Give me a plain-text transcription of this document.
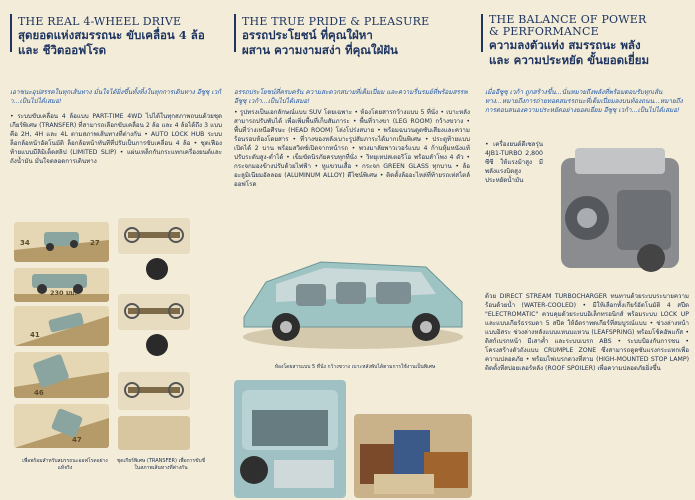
THE REAL 4-WHEEL DRIVE
สุดยอดแห่งสมรรถนะ ขับเคลื่อน 4 ล้อ
และ ชีวิตออฟโรด
เอาชนะอุปสรรคในทุกเส้นทาง มั่นใจได้ยิ่งขึ้นทั้งทิ้งในทุกการเดินทาง อีซูซุ เวก้า...เป็นไปได้เสมอ!
• ระบบขับเคลื่อน 4 ล้อแบบ PART-TIME 4WD ไปได้ในทุกสภาพถนนด้วยชุดเกียร์พิเศษ (TRANSFER) ที่สามารถเลือกขับเคลื่อน 2 ล้อ และ 4 ล้อได้ถึง 3 แบบ คือ 2H, 4H และ 4L ตามสภาพเส้นทางที่ต่างกัน • AUTO LOCK HUB ระบบล็อกล้อหน้าอัตโนมัติ ล็อกล้อหน้าทันทีที่ปรับเป็นการขับเคลื่อน 4 ล้อ • ชุดเฟืองท้ายแบบมีลิมิเต็ดสลิป (LIMITED SLIP) • แผ่นเหล็กกันกระแทกเครื่องยนต์และถังน้ำมัน มั่นใจตลอดการเดินทาง
34	27
230 มม.
41
46
47
เพื่อพร้อมสำหรับสมรรถนะออฟโรดอย่างแท้จริง
ชุดเกียร์พิเศษ (TRANSFER) เพื่อการขับขี่ในสภาพเส้นทางที่ต่างกัน
THE TRUE PRIDE & PLEASURE
อรรถประโยชน์ ที่คุณใฝ่หา
ผสาน ความงามสง่า ที่คุณใฝ่ฝัน
อรรถประโยชน์ที่ครบครัน ความสะดวกสบายที่เต็มเปี่ยม และความรื่นรมย์ที่พร้อมสรรพ อีซูซุ เวก้า...เป็นไปได้เสมอ!
• รูปทรงเป็นเอกลักษณ์แบบ SUV โดยเฉพาะ • ห้องโดยสารกว้างแบบ 5 ที่นั่ง • เบาะหลังสามารถปรับพับได้ เพื่อเพิ่มพื้นที่เก็บสัมภาระ • พื้นที่วางขา (LEG ROOM) กว้างขวาง • พื้นที่ว่างเหนือศีรษะ (HEAD ROOM) โล่งโปร่งสบาย • พร้อมฉนวนดูดซับเสียงและความร้อนรอบห้องโดยสาร • ที่วางของหลังเบาะรูปสัมภาระได้มากเป็นพิเศษ • ประตูท้ายแบบเปิดได้ 2 บาน พร้อมสวิตซ์เปิดจากหน้ารถ • พวงมาลัยพาวเวอร์แบบ 4 ก้านหุ้มหนังแท้ ปรับระดับสูง-ต่ำได้ • เข็มขัดนิรภัยครบทุกที่นั่ง • วิทยุเทปสเตอริโอ พร้อมลำโพง 4 ตัว • กระจกมองข้างปรับด้วยไฟฟ้า • หูแขวนเสื้อ • กระจก GREEN GLASS ทุกบาน • ล้ออะลูมิเนียมอัลลอย (ALUMINUM ALLOY) ดีไซน์พิเศษ • ติดตั้งล้ออะไหล่ที่ท้ายรถเท่สไตล์ออฟโรด
ห้องโดยสารแบบ 5 ที่นั่ง กว้างขวาง เบาะหลังพับได้ตามการใช้งานเป็นพิเศษ
THE BALANCE OF POWER
& PERFORMANCE
ความลงตัวแห่ง สมรรถนะ พลัง
และ ความประหยัด ขั้นยอดเยี่ยม
เมื่ออีซูซุ เวก้า ถูกสร้างขึ้น...นั่นหมายถึงพลังที่พร้อมตอบรับทุกเส้นทาง...หมายถึงการถ่ายทอดสมรรถนะที่เต็มเปี่ยมลงบนท้องถนน...หมายถึงการตอบสนองความประหยัดอย่างยอดเยี่ยม อีซูซุ เวก้า...เป็นไปได้เสมอ!
• เครื่องยนต์ดีเซลรุ่น 4JB1-TURBO 2,800 ซีซี ให้แรงม้าสูง มีพลังแรงบิดสูง ประหยัดน้ำมัน
ด้วย DIRECT STREAM TURBOCHARGER ทนทานด้วยระบบระบายความร้อนด้วยน้ำ (WATER-COOLED) • มีให้เลือกทั้งเกียร์อัตโนมัติ 4 สปีด "ELECTROMATIC" ควบคุมด้วยระบบอิเล็กทรอนิกส์ พร้อมระบบ LOCK UP และแบบเกียร์ธรรมดา 5 สปีด ให้อัตราทดเกียร์ที่สมบูรณ์แบบ • ช่วงล่างหน้าแบบอิสระ ช่วงล่างหลังแบบแหนบแหวน (LEAFSPRING) พร้อมโช้คอัพแก๊ส • ดิสก์เบรกหน้า มีเสาค้ำ และระบบเบรก ABS • ระบบป้องกันการชน • โครงสร้างตัวถังแบบ CRUMPLE ZONE ซึ่งสามารถดูดซับแรงกระแทกเพื่อความปลอดภัย • พร้อมไฟเบรกดวงที่สาม (HIGH-MOUNTED STOP LAMP) ติดตั้งที่สปอยเลอร์หลัง (ROOF SPOILER) เพื่อความปลอดภัยยิ่งขึ้น
